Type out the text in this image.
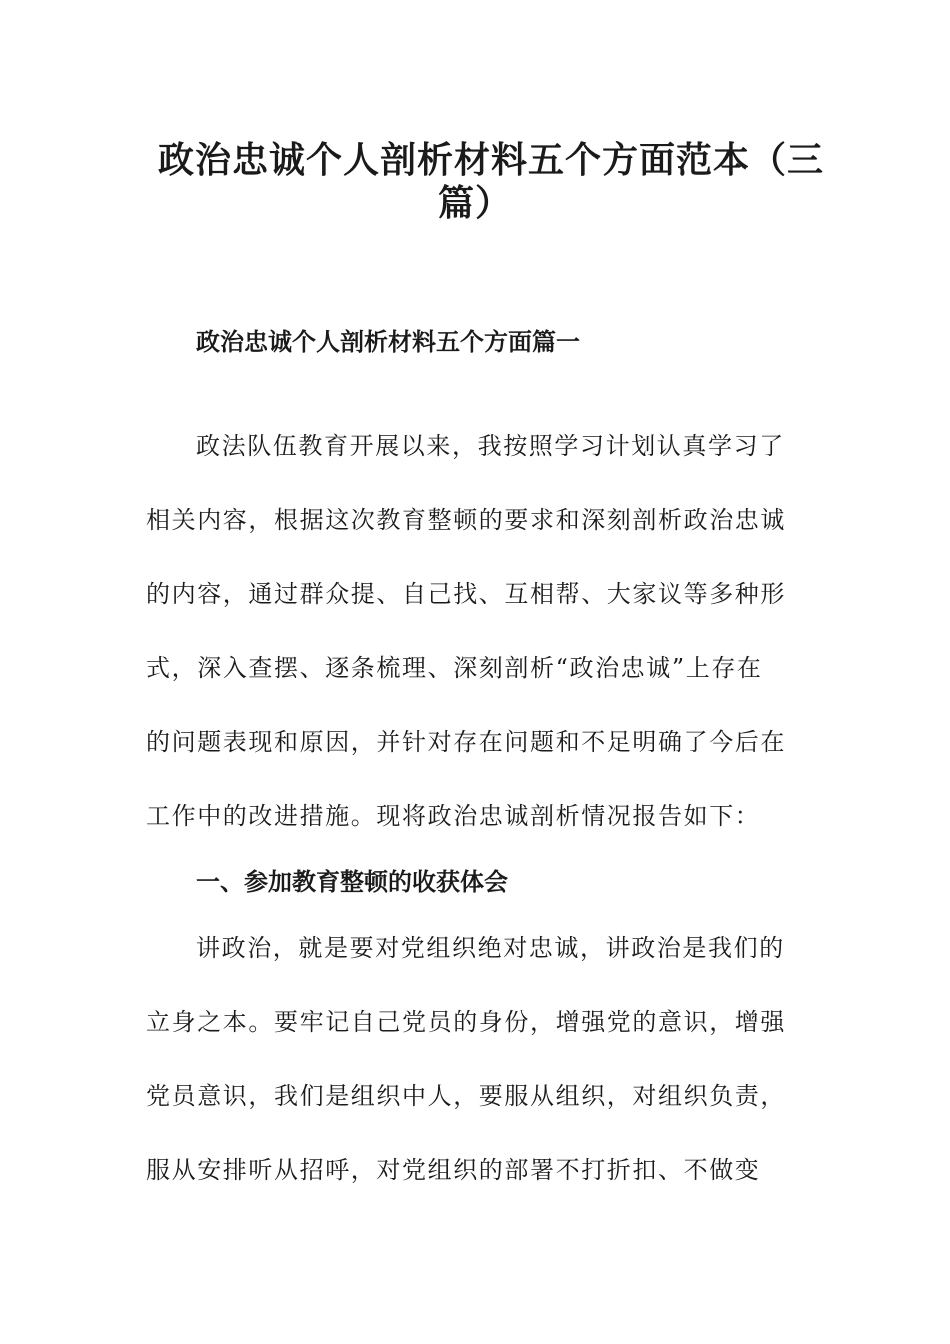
政治忠诚个人剖析材料五个方面范本（三
篇）
政治忠诚个人剖析材料五个方面篇一
政法队伍教育开展以来，我按照学习计划认真学习了
相关内容，根据这次教育整顿的要求和深刻剖析政治忠诚
的内容，通过群众提、自己找、互相帮、大家议等多种形
式，深入查摆、逐条梳理、深刻剖析“政治忠诚”上存在
的问题表现和原因，并针对存在问题和不足明确了今后在
工作中的改进措施。现将政治忠诚剖析情况报告如下：
一、参加教育整顿的收获体会
讲政治，就是要对党组织绝对忠诚，讲政治是我们的
立身之本。要牢记自己党员的身份，增强党的意识，增强
党员意识，我们是组织中人，要服从组织，对组织负责，
服从安排听从招呼，对党组织的部署不打折扣、不做变
